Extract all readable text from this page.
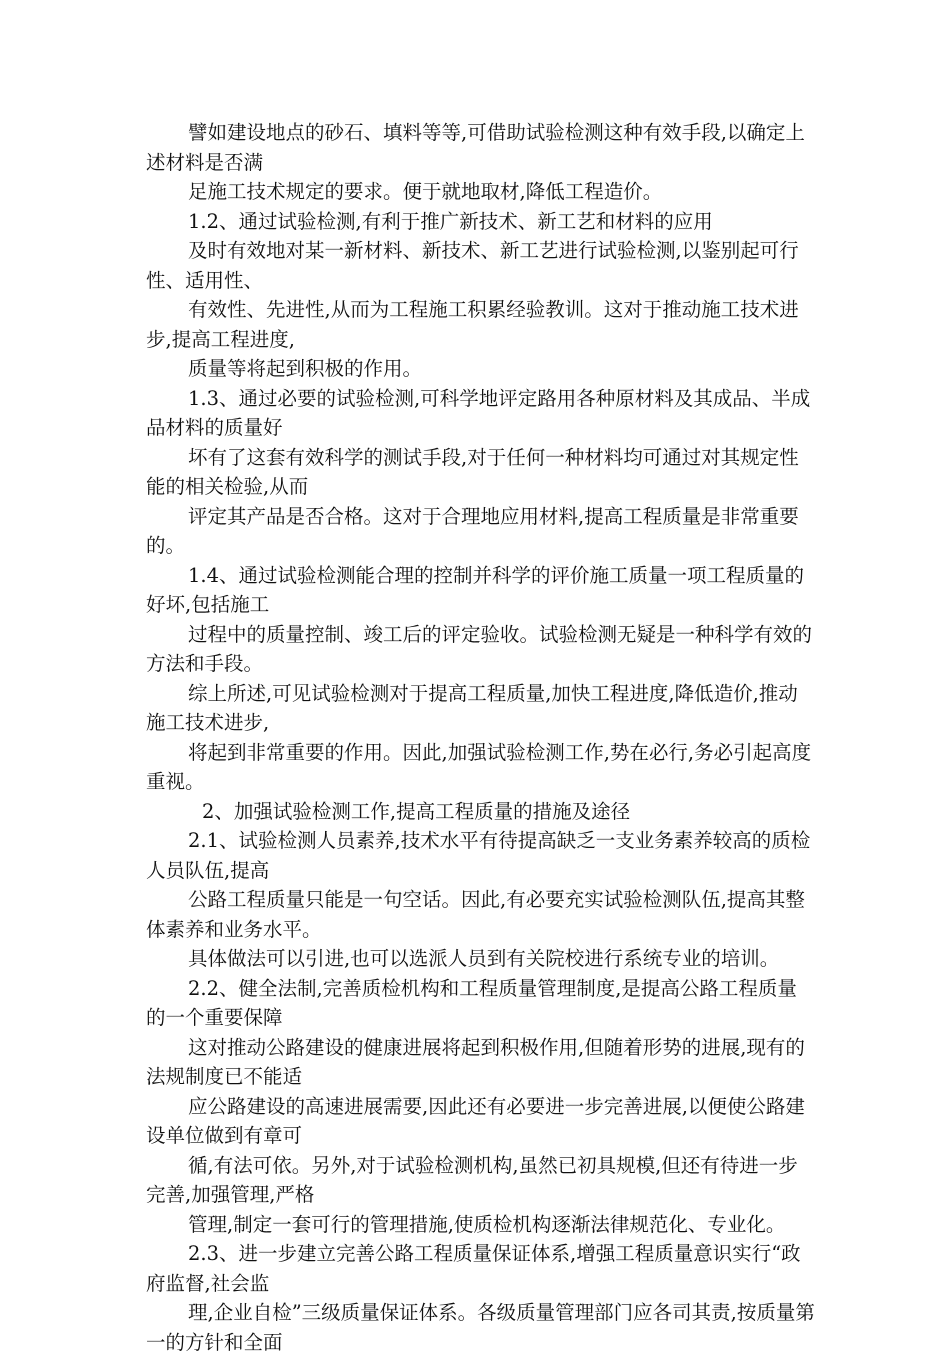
譬如建设地点的砂石、填料等等,可借助试验检测这种有效手段,以确定上述材料是否满

足施工技术规定的要求。便于就地取材,降低工程造价。

1.2、通过试验检测,有利于推广新技术、新工艺和材料的应用

及时有效地对某一新材料、新技术、新工艺进行试验检测,以鉴别起可行性、适用性、

有效性、先进性,从而为工程施工积累经验教训。这对于推动施工技术进步,提高工程进度,

质量等将起到积极的作用。

1.3、通过必要的试验检测,可科学地评定路用各种原材料及其成品、半成品材料的质量好

坏有了这套有效科学的测试手段,对于任何一种材料均可通过对其规定性能的相关检验,从而

评定其产品是否合格。这对于合理地应用材料,提高工程质量是非常重要的。

1.4、通过试验检测能合理的控制并科学的评价施工质量一项工程质量的好坏,包括施工

过程中的质量控制、竣工后的评定验收。试验检测无疑是一种科学有效的方法和手段。

综上所述,可见试验检测对于提高工程质量,加快工程进度,降低造价,推动施工技术进步,

将起到非常重要的作用。因此,加强试验检测工作,势在必行,务必引起高度重视。

2、加强试验检测工作,提高工程质量的措施及途径

2.1、试验检测人员素养,技术水平有待提高缺乏一支业务素养较高的质检人员队伍,提高

公路工程质量只能是一句空话。因此,有必要充实试验检测队伍,提高其整体素养和业务水平。

具体做法可以引进,也可以选派人员到有关院校进行系统专业的培训。

2.2、健全法制,完善质检机构和工程质量管理制度,是提高公路工程质量的一个重要保障

这对推动公路建设的健康进展将起到积极作用,但随着形势的进展,现有的法规制度已不能适

应公路建设的高速进展需要,因此还有必要进一步完善进展,以便使公路建设单位做到有章可

循,有法可依。另外,对于试验检测机构,虽然已初具规模,但还有待进一步完善,加强管理,严格

管理,制定一套可行的管理措施,使质检机构逐渐法律规范化、专业化。

2.3、进一步建立完善公路工程质量保证体系,增强工程质量意识实行“政府监督,社会监

理,企业自检”三级质量保证体系。各级质量管理部门应各司其责,按质量第一的方针和全面
